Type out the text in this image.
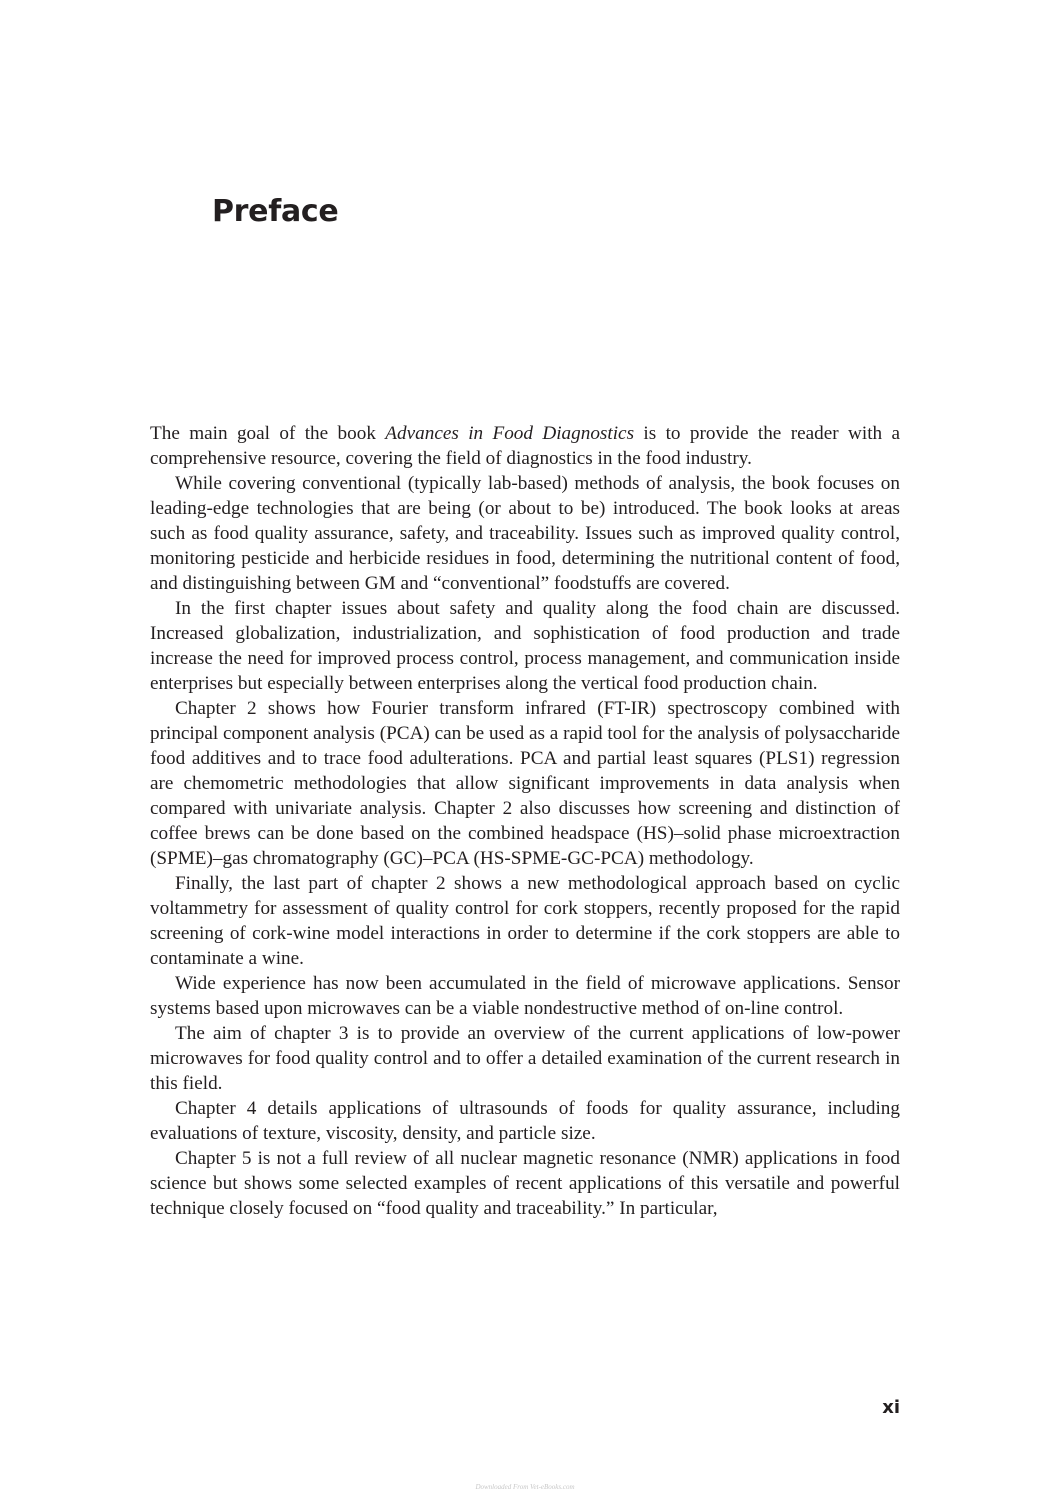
Preface

The main goal of the book Advances in Food Diagnostics is to provide the reader with a comprehensive resource, covering the field of diagnostics in the food industry.

While covering conventional (typically lab-based) methods of analysis, the book focuses on leading-edge technologies that are being (or about to be) introduced. The book looks at areas such as food quality assurance, safety, and traceability. Issues such as improved quality control, monitoring pesticide and herbicide residues in food, determining the nutritional content of food, and distinguishing between GM and “conventional” foodstuffs are covered.

In the first chapter issues about safety and quality along the food chain are discussed. Increased globalization, industrialization, and sophistication of food production and trade increase the need for improved process control, process management, and communication inside enterprises but especially between enterprises along the vertical food production chain.

Chapter 2 shows how Fourier transform infrared (FT-IR) spectroscopy combined with principal component analysis (PCA) can be used as a rapid tool for the analysis of polysaccharide food additives and to trace food adulterations. PCA and partial least squares (PLS1) regression are chemometric methodologies that allow significant improvements in data analysis when compared with univariate analysis. Chapter 2 also discusses how screening and distinction of coffee brews can be done based on the combined headspace (HS)–solid phase microextraction (SPME)–gas chromatography (GC)–PCA (HS-SPME-​GC-PCA) methodology.

Finally, the last part of chapter 2 shows a new methodological approach based on cyclic voltammetry for assessment of quality control for cork stoppers, recently proposed for the rapid screening of cork-wine model interactions in order to determine if the cork stoppers are able to contaminate a wine.

Wide experience has now been accumulated in the field of microwave applications. Sensor systems based upon microwaves can be a viable nondestructive method of on-line control.

The aim of chapter 3 is to provide an overview of the current applications of low-power microwaves for food quality control and to offer a detailed examination of the current research in this field.

Chapter 4 details applications of ultrasounds of foods for quality assurance, including evaluations of texture, viscosity, density, and particle size.

Chapter 5 is not a full review of all nuclear magnetic resonance (NMR) applications in food science but shows some selected examples of recent applications of this versatile and powerful technique closely focused on “food quality and traceability.” In particular,

xi
Downloaded From Vet-eBooks.com
